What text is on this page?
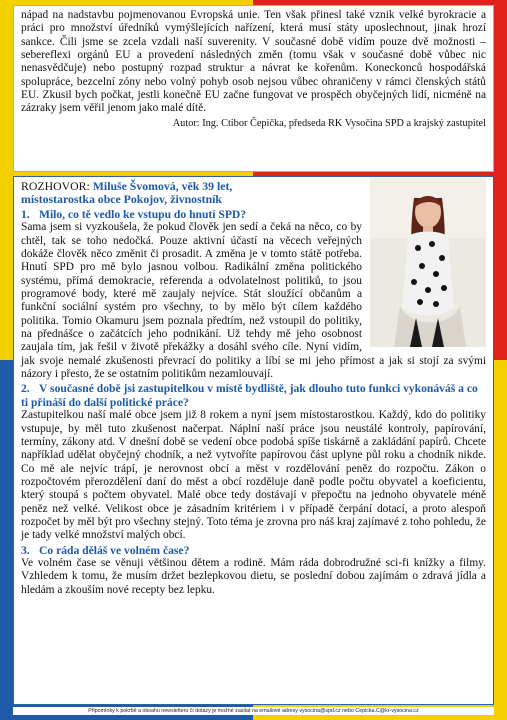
nápad na nadstavbu pojmenovanou Evropská unie. Ten však přinesl také vznik velké byrokracie a práci pro množství úředníků vymýšlejících nařízení, která musí státy uposlechnout, jinak hrozí sankce. Čili jsme se zcela vzdali naší suverenity. V současné době vidím pouze dvě možnosti – sebereflexi orgánů EU a provedení následných změn (tomu však v současné době vůbec nic nenasvědčuje) nebo postupný rozpad struktur a návrat ke kořenům. Koneckonců hospodářská spolupráce, bezcelní zóny nebo volný pohyb osob nejsou vůbec ohraničeny v rámci členských států EU. Zkusil bych počkat, jestli konečně EU začne fungovat ve prospěch obyčejných lidí, nicméně na zázraky jsem věřil jenom jako malé dítě.

Autor: Ing. Ctibor Čepička, předseda RK Vysočina SPD a krajský zastupitel

ROZHOVOR: Miluše Švomová, věk 39 let,
místostarostka obce Pokojov, živnostník

1. Milo, co tě vedlo ke vstupu do hnutí SPD?

Sama jsem si vyzkoušela, že pokud člověk jen sedí a čeká na něco, co by chtěl, tak se toho nedočká. Pouze aktivní účastí na věcech veřejných dokáže člověk něco změnit či prosadit. A změna je v tomto státě potřeba. Hnutí SPD pro mě bylo jasnou volbou. Radikální změna politického systému, přímá demokracie, referenda a odvolatelnost politiků, to jsou programové body, které mě zaujaly nejvíce. Stát sloužící občanům a funkční sociální systém pro všechny, to by mělo být cílem každého politika. Tomio Okamuru jsem poznala předtím, než vstoupil do politiky, na přednášce o začátcích jeho podnikání. Už tehdy mě jeho osobnost zaujala tím, jak řešil v životě překážky a dosáhl svého cíle. Nyní vidím, jak svoje nemalé zkušenosti převrací do politiky a líbí se mi jeho přímost a jak si stojí za svými názory i přesto, že se ostatním politikům nezamlouvají.

2. V současné době jsi zastupitelkou v místě bydliště, jak dlouho tuto funkci vykonáváš a co ti přináší do další politické práce?

Zastupitelkou naší malé obce jsem již 8 rokem a nyní jsem místostarostkou. Každý, kdo do politiky vstupuje, by měl tuto zkušenost načerpat. Náplní naší práce jsou neustálé kontroly, papírování, termíny, zákony atd. V dnešní době se vedení obce podobá spíše tiskárně a zakládání papírů. Chcete například udělat obyčejný chodník, a než vytvoříte papírovou část uplyne půl roku a chodník nikde. Co mě ale nejvíc trápí, je nerovnost obcí a měst v rozdělování peněz do rozpočtu. Zákon o rozpočtovém přerozdělení daní do měst a obcí rozděluje daně podle počtu obyvatel a koeficientu, který stoupá s počtem obyvatel. Malé obce tedy dostávají v přepočtu na jednoho obyvatele méně peněz než velké. Velikost obce je zásadním kritériem i v případě čerpání dotací, a proto alespoň rozpočet by měl být pro všechny stejný. Toto téma je zrovna pro náš kraj zajímavé z toho pohledu, že je tady velké množství malých obcí.

3. Co ráda děláš ve volném čase?

Ve volném čase se věnuji většinou dětem a rodině. Mám ráda dobrodružné sci-fi knížky a filmy. Vzhledem k tomu, že musím držet bezlepkovou dietu, se poslední dobou zajímám o zdravá jídla a hledám a zkouším nové recepty bez lepku.

Připomínky k pokrbě a obsahu newsletteru či dotazy je možné zasílat na emailové adresy vysocina@spd.cz nebo Cepicka.C@kr-vysocina.cz
